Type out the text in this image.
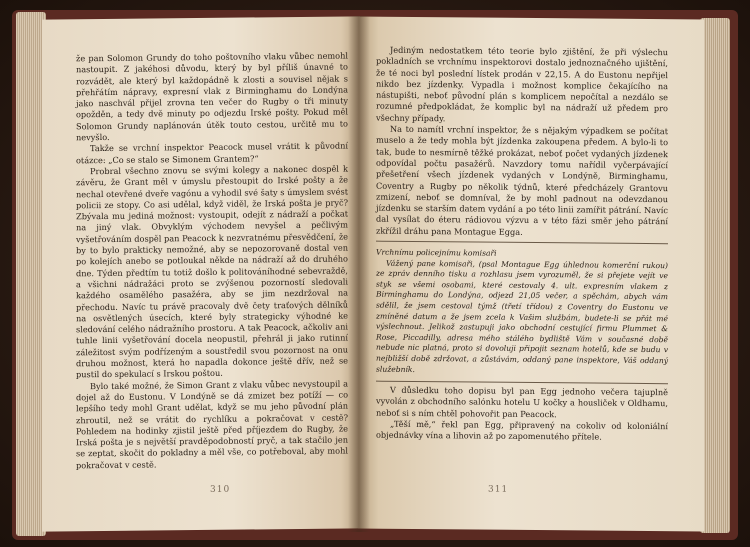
že pan Solomon Grundy do toho poštovního vlaku vůbec nemohl nastoupit. Z jakéhosi důvodu, který by byl příliš únavné to rozvádět, ale který byl každopádně k zlosti a souvisel nějak s přehřátím nápravy, expresní vlak z Birminghamu do Londýna jako naschvál přijel zrovna ten večer do Rugby o tři minuty opožděn, a tedy dvě minuty po odjezdu Irské pošty. Pokud měl Solomon Grundy naplánován útěk touto cestou, určitě mu to nevyšlo.

Takže se vrchní inspektor Peacock musel vrátit k původní otázce: „Co se stalo se Simonem Grantem?“

Probral všechno znovu se svými kolegy a nakonec dospěl k závěru, že Grant měl v úmyslu přestoupit do Irské pošty a že nechal otevřené dveře vagónu a vyhodil své šaty s úmyslem svést policii ze stopy. Co asi udělal, když viděl, že Irská pošta je pryč? Zbývala mu jediná možnost: vystoupit, odejít z nádraží a počkat na jiný vlak. Obvyklým východem nevyšel a pečlivým vyšetřováním dospěl pan Peacock k nezvratnému přesvědčení, že by to bylo prakticky nemožné, aby se nepozorovaně dostal ven po kolejích anebo se potloukal někde na nádraží až do druhého dne. Týden předtím tu totiž došlo k politováníhodné sebevraždě, a všichni nádražáci proto se zvýšenou pozorností sledovali každého osamělého pasažéra, aby se jim nezdržoval na přechodu. Navíc tu právě pracovaly dvě čety traťových dělníků na osvětlených úsecích, které byly strategicky výhodné ke sledování celého nádražního prostoru. A tak Peacock, ačkoliv ani tuhle linii vyšetřování docela neopustil, přehrál ji jako rutinní záležitost svým podřízeným a soustředil svou pozornost na onu druhou možnost, která ho napadla dokonce ještě dřív, než se pustil do spekulací s Irskou poštou.

Bylo také možné, že Simon Grant z vlaku vůbec nevystoupil a dojel až do Eustonu. V Londýně se dá zmizet bez potíží — co lepšího tedy mohl Grant udělat, když se mu jeho původní plán zhroutil, než se vrátit do rychlíku a pokračovat v cestě? Pohledem na hodinky zjistil ještě před příjezdem do Rugby, že Irská pošta je s největší pravděpodobností pryč, a tak stačilo jen se zeptat, skočit do pokladny a měl vše, co potřeboval, aby mohl pokračovat v cestě.

310

Jediným nedostatkem této teorie bylo zjištění, že při výslechu pokladních se vrchnímu inspektorovi dostalo jednoznačného ujištění, že té noci byl poslední lístek prodán v 22,15. A do Eustonu nepřijel nikdo bez jízdenky. Vypadla i možnost komplice čekajícího na nástupišti, neboť původní plán s komplicem nepočítal a nezdálo se rozumné předpokládat, že komplic byl na nádraží už předem pro všechny případy.

Na to namítl vrchní inspektor, že s nějakým výpadkem se počítat muselo a že tedy mohla být jízdenka zakoupena předem. A bylo-li to tak, bude to nesmírně těžké prokázat, neboť počet vydaných jízdenek odpovídal počtu pasažérů. Navzdory tomu nařídil vyčerpávající přešetření všech jízdenek vydaných v Londýně, Birminghamu, Coventry a Rugby po několik týdnů, které předcházely Grantovu zmizení, neboť se domníval, že by mohl padnout na odevzdanou jízdenku se starším datem vydání a po této linii zamířit pátrání. Navíc dal vysílat do éteru rádiovou výzvu a v této fázi směr jeho pátrání zkřížil dráhu pana Montague Egga.

Vrchnímu policejnímu komisaři

Vážený pane komisaři, (psal Montague Egg úhlednou komerční rukou) ze zpráv denního tisku a rozhlasu jsem vyrozuměl, že si přejete vejít ve styk se všemi osobami, které cestovaly 4. ult. expresním vlakem z Birminghamu do Londýna, odjezd 21,05 večer, a spěchám, abych vám sdělil, že jsem cestoval týmž (třetí třídou) z Coventry do Eustonu ve zmíněné datum a že jsem zcela k Vašim službám, budete-li se přát mé výslechnout. Jelikož zastupuji jako obchodní cestující firmu Plummet & Rose, Piccadilly, adresa mého stálého bydliště Vám v současné době nebude nic platná, proto si dovoluji připojit seznam hotelů, kde se budu v nejbližší době zdržovat, a zůstávám, oddaný pane inspektore, Váš oddaný služebník.

V důsledku toho dopisu byl pan Egg jednoho večera tajuplně vyvolán z obchodního salónku hotelu U kočky a housliček v Oldhamu, neboť si s ním chtěl pohovořit pan Peacock.

„Těší mě,“ řekl pan Egg, připravený na cokoliv od koloniální objednávky vína a lihovin až po zapomenutého přítele.

311
